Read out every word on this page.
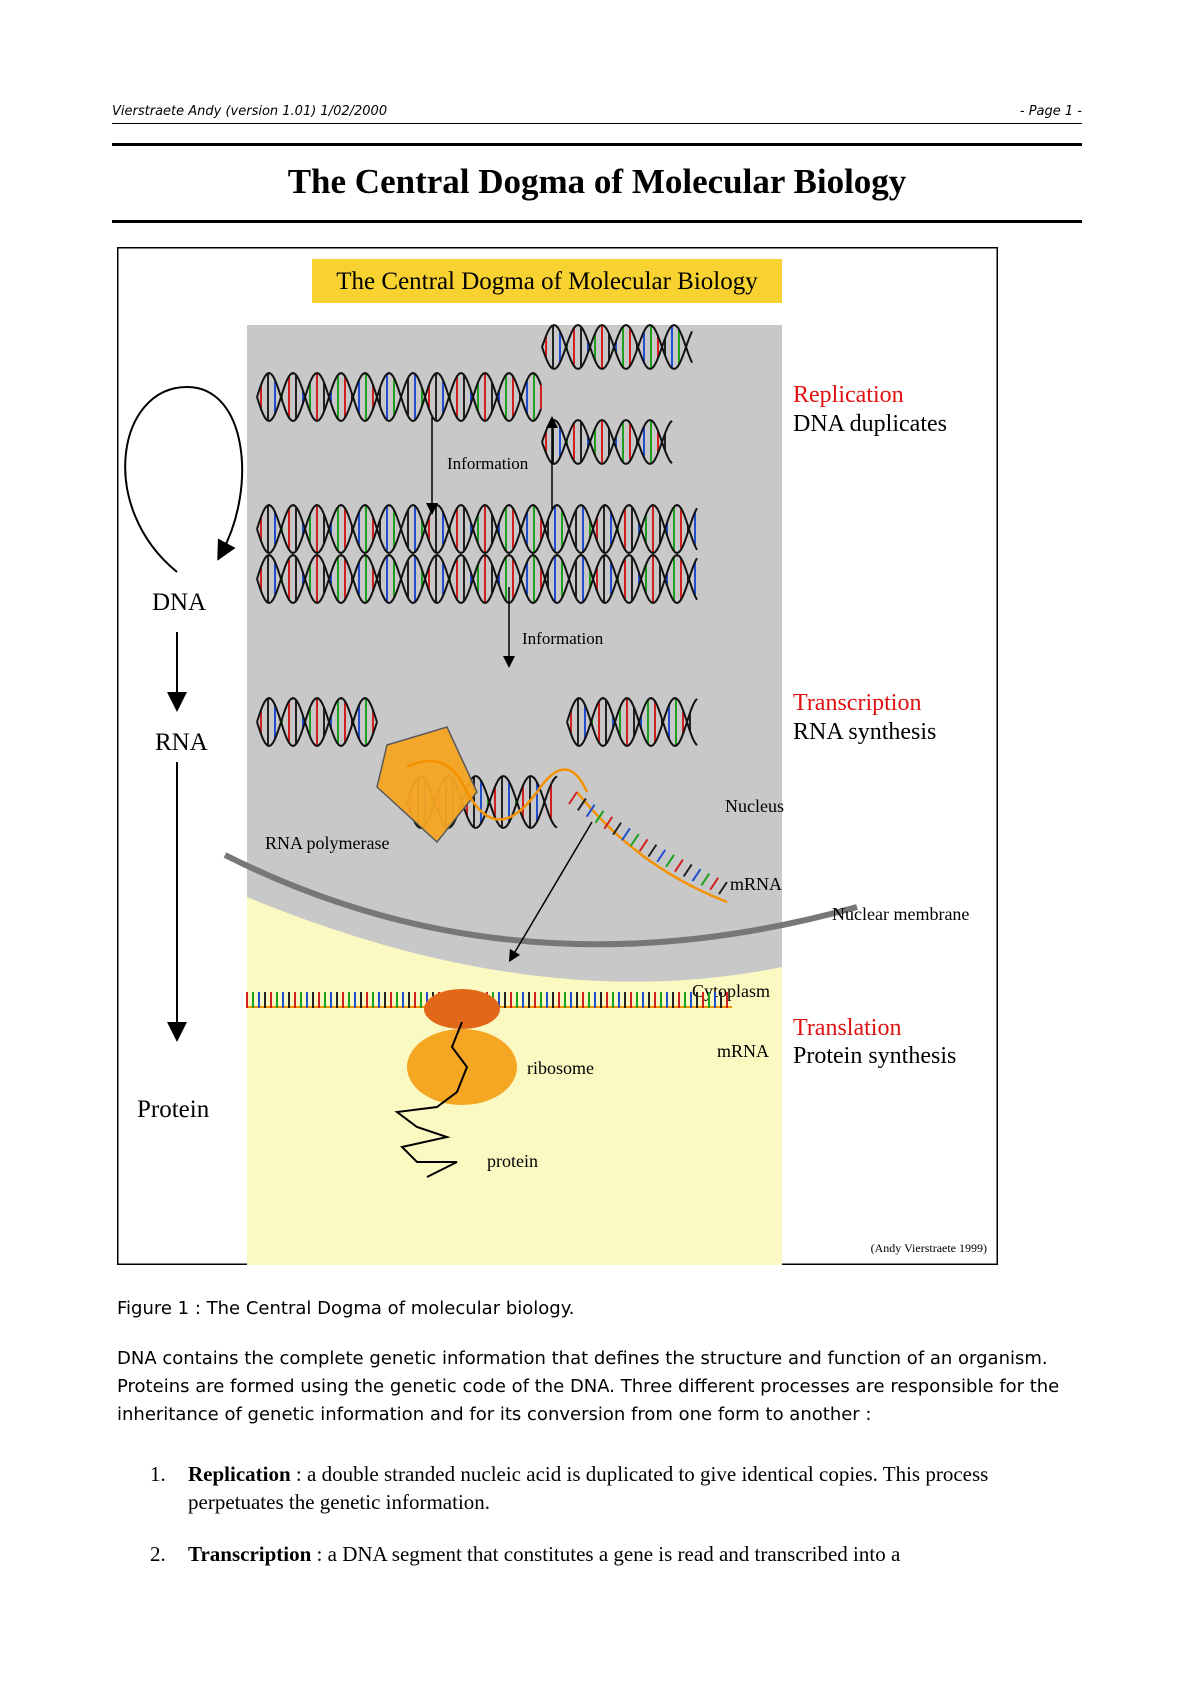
Vierstraete Andy (version 1.01) 1/02/2000	- Page 1 -
The Central Dogma of Molecular Biology
The Central Dogma of Molecular Biology
DNA
RNA
Protein
RNA polymerase
Nucleus
mRNA
Nuclear membrane
Cytoplasm
Information
Information
ribosome
protein
mRNA
Replication
DNA duplicates
Transcription
RNA synthesis
Translation
Protein synthesis
(Andy Vierstraete 1999)
Figure 1 : The Central Dogma of molecular biology.
DNA contains the complete genetic information that defines the structure and function of an organism. Proteins are formed using the genetic code of the DNA. Three different processes are responsible for the inheritance of genetic information and for its conversion from one form to another :
1. Replication : a double stranded nucleic acid is duplicated to give identical copies. This process perpetuates the genetic information.
2. Transcription : a DNA segment that constitutes a gene is read and transcribed into a
